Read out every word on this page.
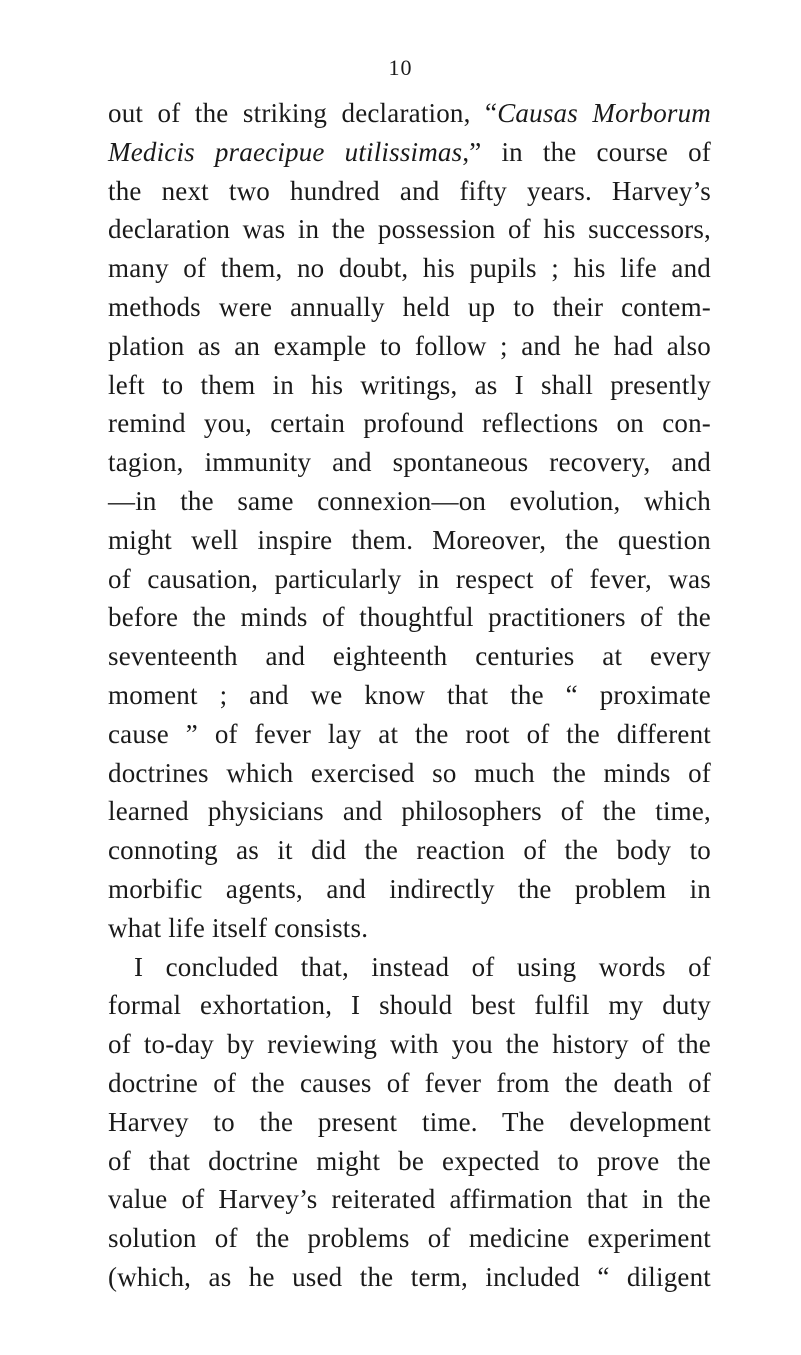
10
out of the striking declaration, “Causas Morborum
Medicis praecipue utilissimas,” in the course of
the next two hundred and fifty years. Harvey’s
declaration was in the possession of his successors,
many of them, no doubt, his pupils ; his life and
methods were annually held up to their contem-
plation as an example to follow ; and he had also
left to them in his writings, as I shall presently
remind you, certain profound reflections on con-
tagion, immunity and spontaneous recovery, and
—in the same connexion—on evolution, which
might well inspire them. Moreover, the question
of causation, particularly in respect of fever, was
before the minds of thoughtful practitioners of the
seventeenth and eighteenth centuries at every
moment ; and we know that the “ proximate
cause ” of fever lay at the root of the different
doctrines which exercised so much the minds of
learned physicians and philosophers of the time,
connoting as it did the reaction of the body to
morbific agents, and indirectly the problem in
what life itself consists.
I concluded that, instead of using words of
formal exhortation, I should best fulfil my duty
of to-day by reviewing with you the history of the
doctrine of the causes of fever from the death of
Harvey to the present time. The development
of that doctrine might be expected to prove the
value of Harvey’s reiterated affirmation that in the
solution of the problems of medicine experiment
(which, as he used the term, included “ diligent
